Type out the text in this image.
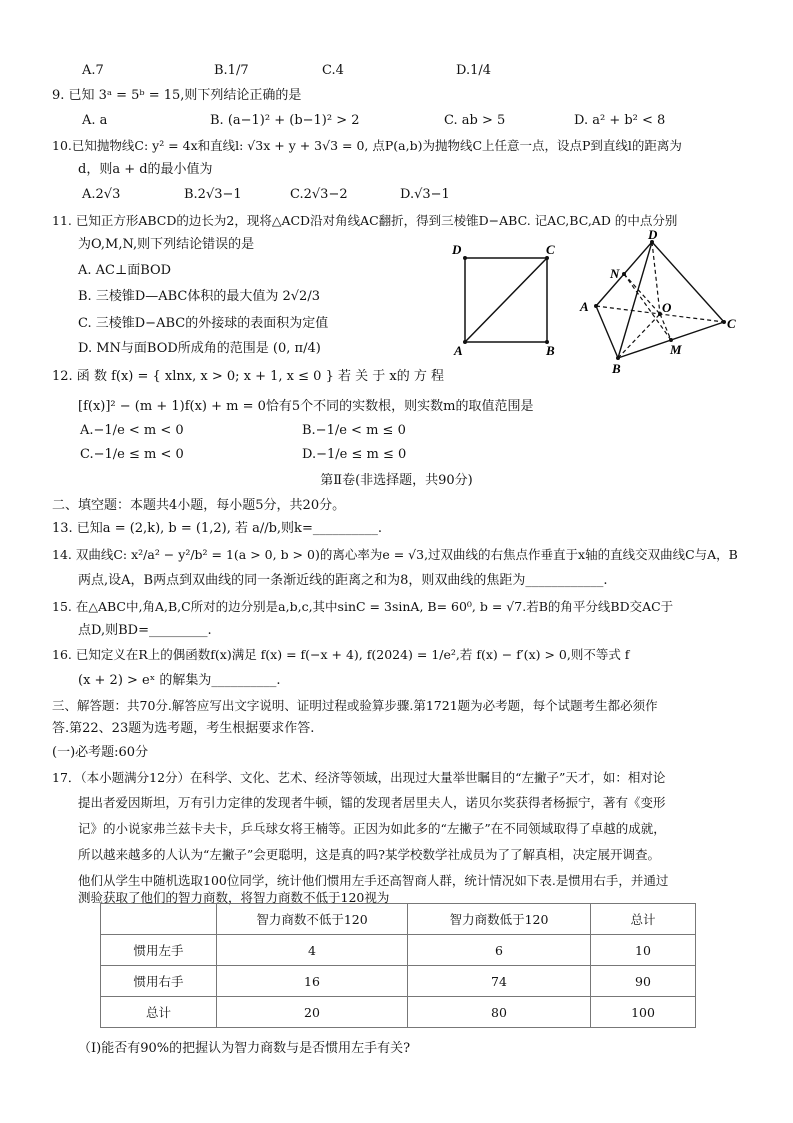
A.7	B.1/7	C.4	D.1/4
9. 已知 3ᵃ = 5ᵇ = 15,则下列结论正确的是
A. a	B. (a−1)² + (b−1)² > 2	C. ab > 5	D. a² + b² < 8
10.已知抛物线C: y² = 4x和直线l: √3x + y + 3√3 = 0, 点P(a,b)为抛物线C上任意一点，设点P到直线l的距离为
d，则a + d的最小值为
A.2√3	B.2√3−1	C.2√3−2	D.√3−1
11. 已知正方形ABCD的边长为2，现将△ACD沿对角线AC翻折，得到三棱锥D−ABC. 记AC,BC,AD 的中点分别
为O,M,N,则下列结论错误的是
A. AC⊥面BOD
B. 三棱锥D—ABC体积的最大值为 2√2/3
C. 三棱锥D−ABC的外接球的表面积为定值
D. MN与面BOD所成角的范围是 (0, π/4)
D	C
A	B
D
N
A	O
C
M
B
12. 函 数 f(x) = { xlnx, x > 0; x + 1, x ≤ 0 } 若 关 于 x的 方 程
[f(x)]² − (m + 1)f(x) + m = 0恰有5个不同的实数根，则实数m的取值范围是
A.−1/e < m < 0	B.−1/e < m ≤ 0
C.−1/e ≤ m < 0	D.−1/e ≤ m ≤ 0
第Ⅱ卷(非选择题，共90分)
二、填空题：本题共4小题，每小题5分，共20分。
13. 已知a = (2,k), b = (1,2), 若 a//b,则k=__________.
14. 双曲线C: x²/a² − y²/b² = 1(a > 0, b > 0)的离心率为e = √3,过双曲线的右焦点作垂直于x轴的直线交双曲线C与A，B
两点,设A，B两点到双曲线的同一条渐近线的距离之和为8，则双曲线的焦距为____________.
15. 在△ABC中,角A,B,C所对的边分别是a,b,c,其中sinC = 3sinA, B= 60⁰, b = √7.若B的角平分线BD交AC于
点D,则BD=_________.
16. 已知定义在R上的偶函数f(x)满足 f(x) = f(−x + 4), f(2024) = 1/e²,若 f(x) − f′(x) > 0,则不等式 f
(x + 2) > eˣ 的解集为__________.
三、解答题：共70分.解答应写出文字说明、证明过程或验算步骤.第1721题为必考题，每个试题考生都必须作
答.第22、23题为选考题，考生根据要求作答.
(一)必考题:60分
17．（本小题满分12分）在科学、文化、艺术、经济等领域，出现过大量举世瞩目的“左撇子”天才，如：相对论
提出者爱因斯坦，万有引力定律的发现者牛顿，镭的发现者居里夫人，诺贝尔奖获得者杨振宁，著有《变形
记》的小说家弗兰兹卡夫卡，乒乓球女将王楠等。正因为如此多的“左撇子”在不同领域取得了卓越的成就，
所以越来越多的人认为“左撇子”会更聪明，这是真的吗?某学校数学社成员为了了解真相，决定展开调查。
他们从学生中随机选取100位同学，统计他们惯用左手还高智商人群，统计情况如下表.是惯用右手，并通过
测验获取了他们的智力商数，将智力商数不低于120视为
	智力商数不低于120	智力商数低于120	总计
惯用左手	4	6	10
惯用右手	16	74	90
总计	20	80	100
（Ⅰ)能否有90%的把握认为智力商数与是否惯用左手有关?
